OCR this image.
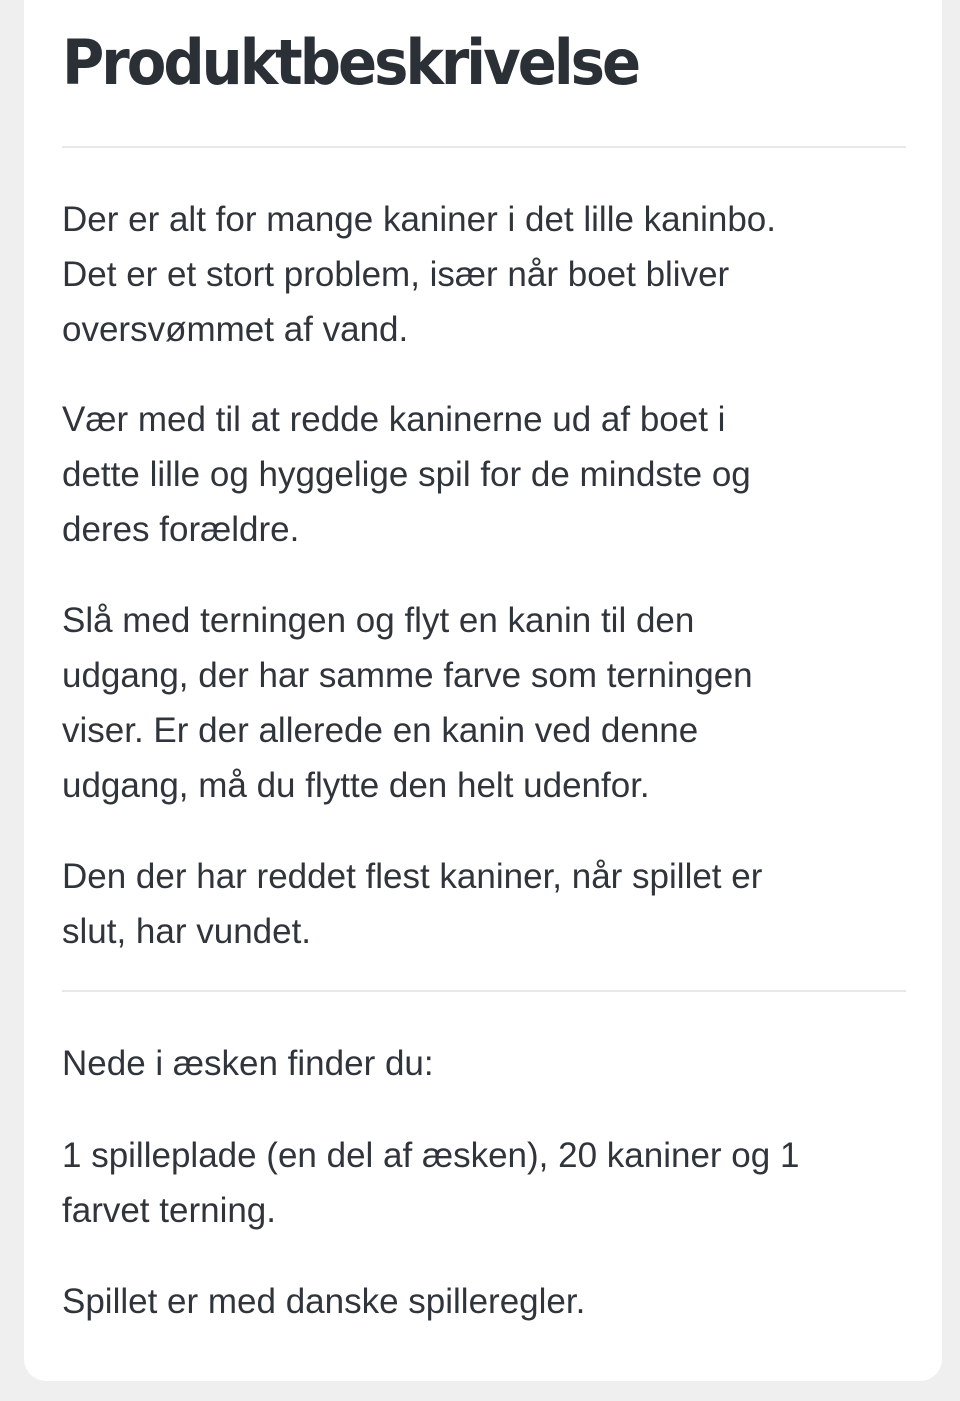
Produktbeskrivelse

Der er alt for mange kaniner i det lille kaninbo.
Det er et stort problem, især når boet bliver
oversvømmet af vand.

Vær med til at redde kaninerne ud af boet i
dette lille og hyggelige spil for de mindste og
deres forældre.

Slå med terningen og flyt en kanin til den
udgang, der har samme farve som terningen
viser. Er der allerede en kanin ved denne
udgang, må du flytte den helt udenfor.

Den der har reddet flest kaniner, når spillet er
slut, har vundet.

Nede i æsken finder du:

1 spilleplade (en del af æsken), 20 kaniner og 1
farvet terning.

Spillet er med danske spilleregler.
